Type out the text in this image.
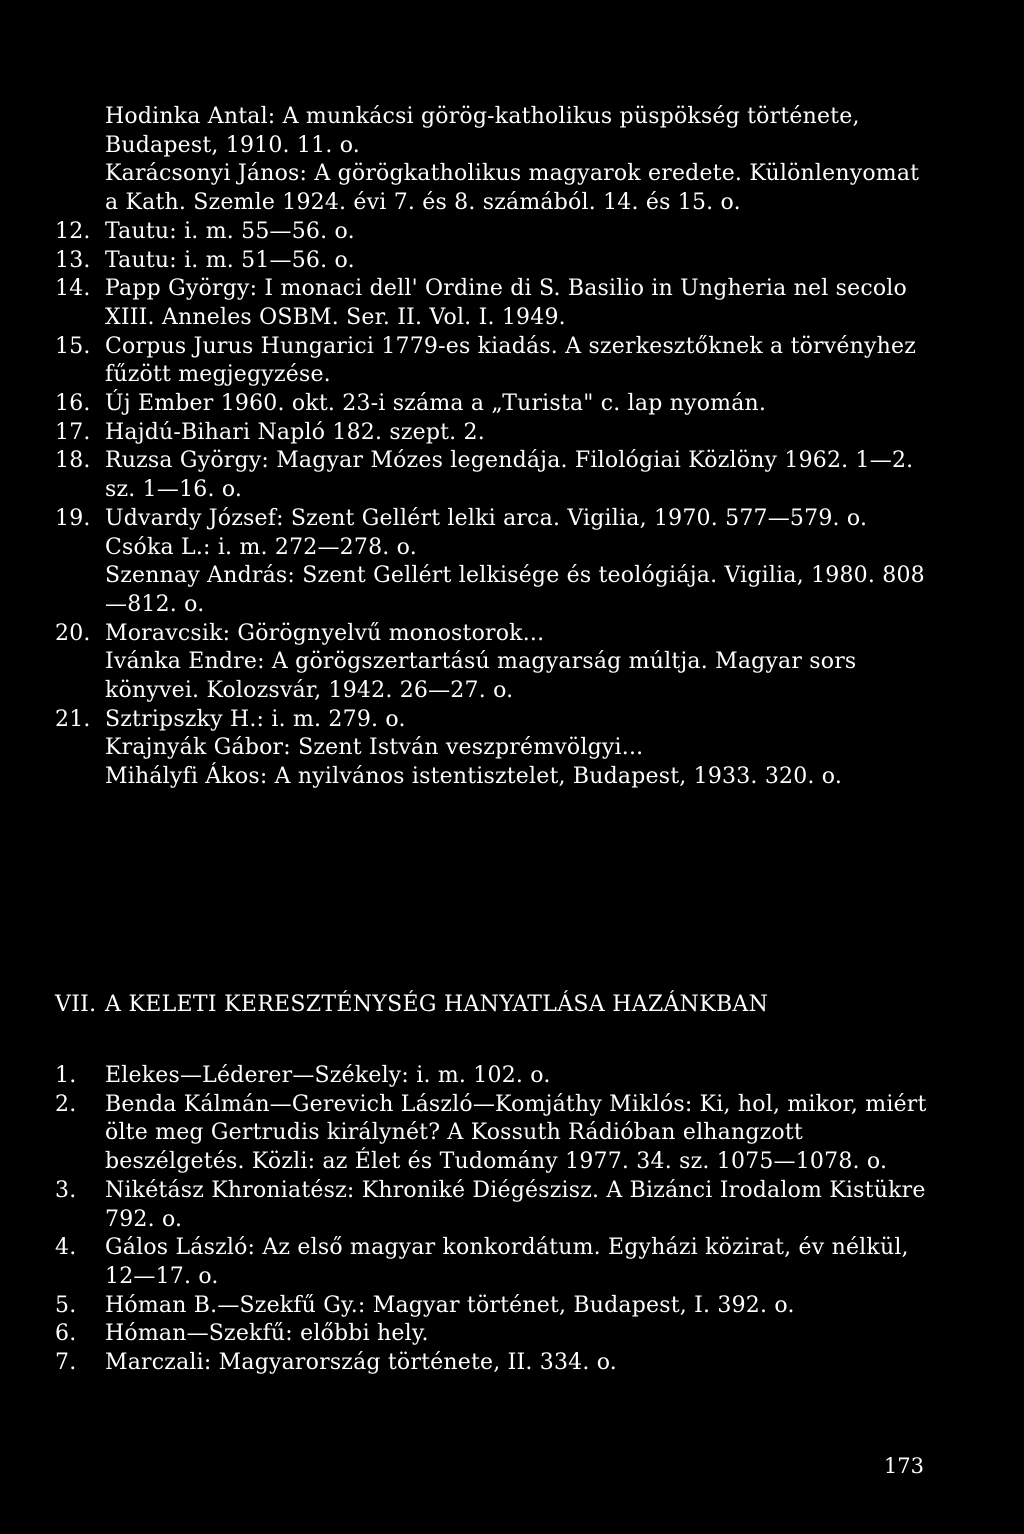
Hodinka Antal: A munkácsi görög-katholikus püspökség története, Budapest, 1910. 11. o.
Karácsonyi János: A görögkatholikus magyarok eredete. Különlenyomat a Kath. Szemle 1924. évi 7. és 8. számából. 14. és 15. o.
12. Tautu: i. m. 55—56. o.
13. Tautu: i. m. 51—56. o.
14. Papp György: I monaci dell' Ordine di S. Basilio in Ungheria nel secolo XIII. Anneles OSBM. Ser. II. Vol. I. 1949.
15. Corpus Jurus Hungarici 1779-es kiadás. A szerkesztőknek a törvényhez fűzött megjegyzése.
16. Új Ember 1960. okt. 23-i száma a „Turista" c. lap nyomán.
17. Hajdú-Bihari Napló 182. szept. 2.
18. Ruzsa György: Magyar Mózes legendája. Filológiai Közlöny 1962. 1—2. sz. 1—16. o.
19. Udvardy József: Szent Gellért lelki arca. Vigilia, 1970. 577—579. o.
Csóka L.: i. m. 272—278. o.
Szennay András: Szent Gellért lelkisége és teológiája. Vigilia, 1980. 808—812. o.
20. Moravcsik: Görögnyelvű monostorok...
Ivánka Endre: A görögszertartású magyarság múltja. Magyar sors könyvei. Kolozsvár, 1942. 26—27. o.
21. Sztripszky H.: i. m. 279. o.
Krajnyák Gábor: Szent István veszprémvölgyi...
Mihályfi Ákos: A nyilvános istentisztelet, Budapest, 1933. 320. o.
VII. A KELETI KERESZTÉNYSÉG HANYATLÁSA HAZÁNKBAN
1.	Elekes—Léderer—Székely: i. m. 102. o.
2.	Benda Kálmán—Gerevich László—Komjáthy Miklós: Ki, hol, mikor, miért ölte meg Gertrudis királynét? A Kossuth Rádióban elhangzott beszélgetés. Közli: az Élet és Tudomány 1977. 34. sz. 1075—1078. o.
3.	Nikétász Khroniatész: Khroniké Diégészisz. A Bizánci Irodalom Kistükre 792. o.
4.	Gálos László: Az első magyar konkordátum. Egyházi közirat, év nélkül, 12—17. o.
5.	Hóman B.—Szekfű Gy.: Magyar történet, Budapest, I. 392. o.
6.	Hóman—Szekfű: előbbi hely.
7.	Marczali: Magyarország története, II. 334. o.
173
